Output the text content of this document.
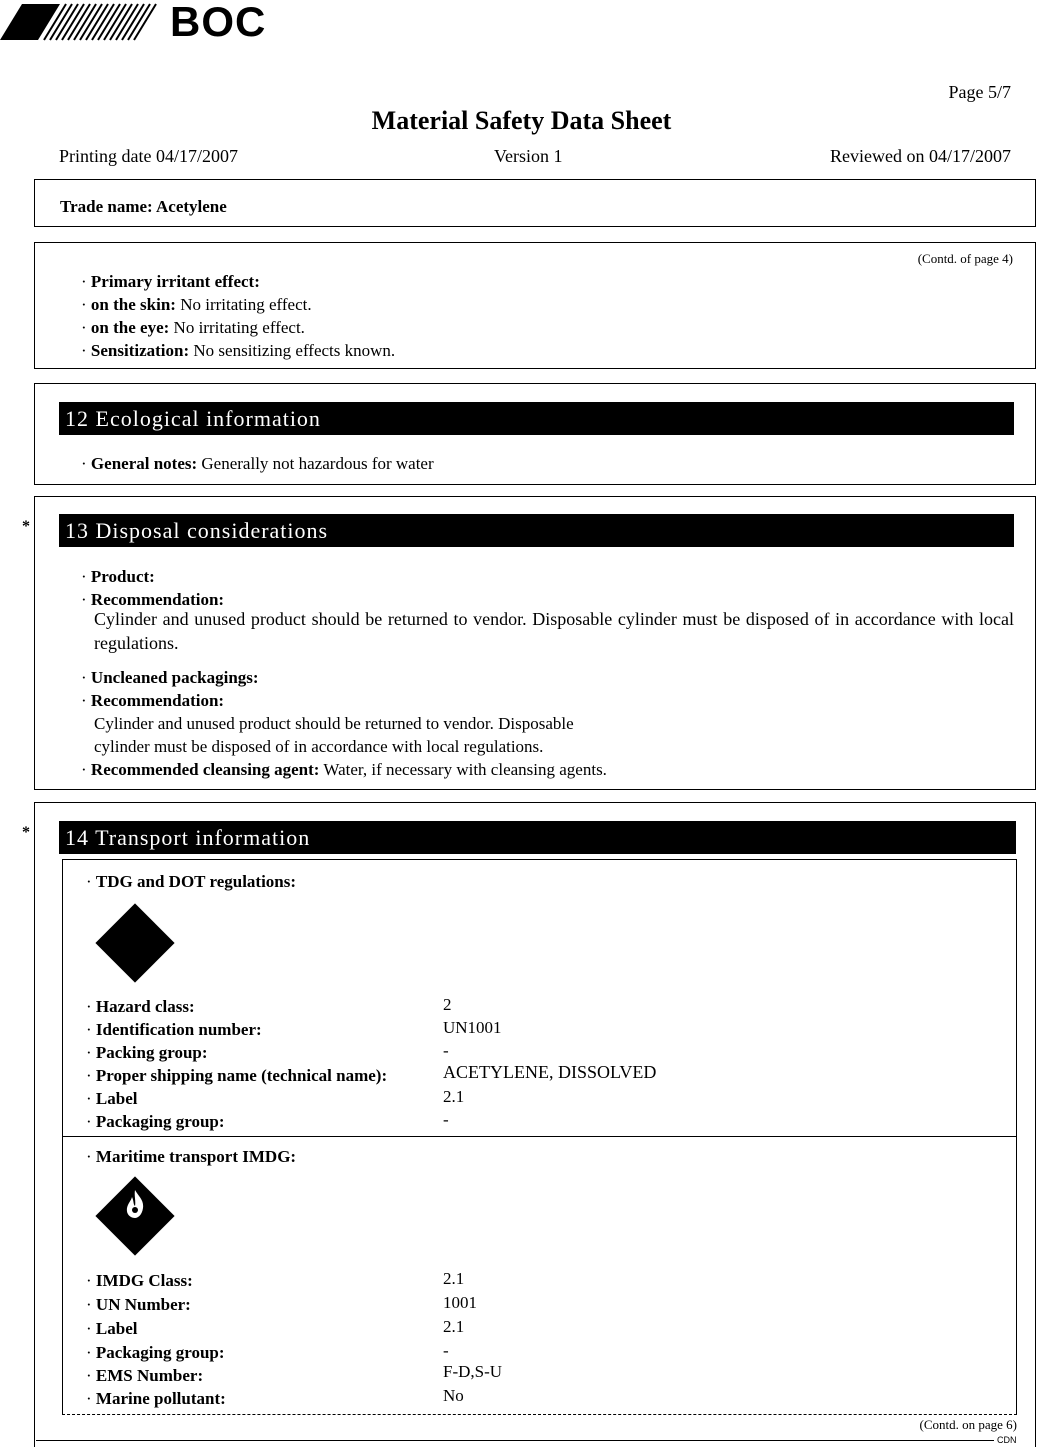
BOC
Page 5/7
Material Safety Data Sheet
Printing date 04/17/2007	Version 1	Reviewed on 04/17/2007
Trade name: Acetylene
(Contd. of page 4)
· Primary irritant effect:
· on the skin: No irritating effect.
· on the eye: No irritating effect.
· Sensitization: No sensitizing effects known.
12 Ecological information
· General notes: Generally not hazardous for water
* 13 Disposal considerations
· Product:
· Recommendation:
Cylinder and unused product should be returned to vendor. Disposable cylinder must be disposed of in accordance with local regulations.
· Uncleaned packagings:
· Recommendation:
Cylinder and unused product should be returned to vendor. Disposable
cylinder must be disposed of in accordance with local regulations.
· Recommended cleansing agent: Water, if necessary with cleansing agents.
* 14 Transport information
· TDG and DOT regulations:
· Hazard class:	2
· Identification number:	UN1001
· Packing group:	-
· Proper shipping name (technical name):	ACETYLENE, DISSOLVED
· Label	2.1
· Packaging group:	-
· Maritime transport IMDG:
· IMDG Class:	2.1
· UN Number:	1001
· Label	2.1
· Packaging group:	-
· EMS Number:	F-D,S-U
· Marine pollutant:	No
(Contd. on page 6)
CDN
